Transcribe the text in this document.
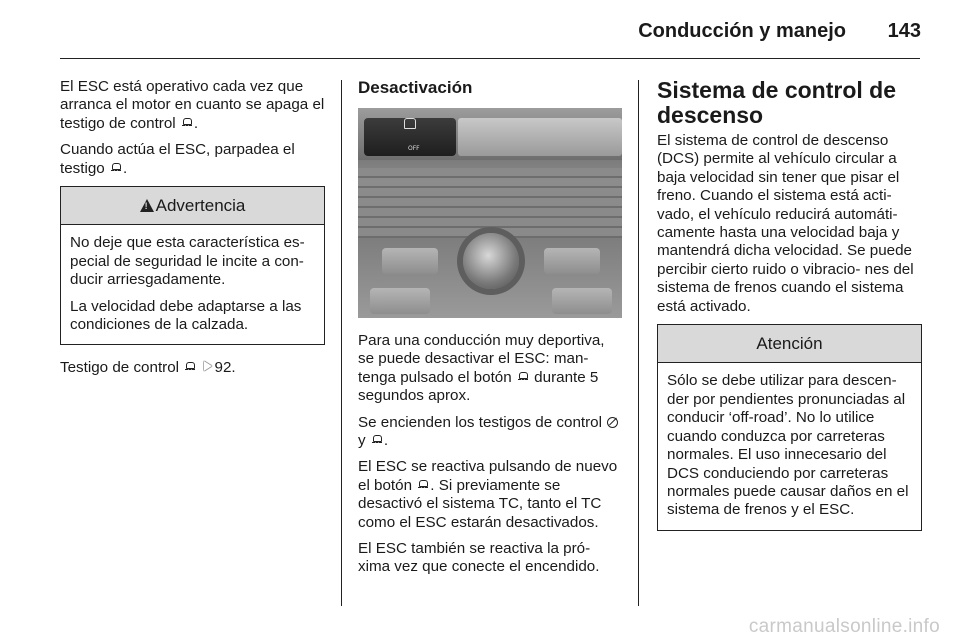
Conducción y manejo 143

El ESC está operativo cada vez que arranca el motor en cuanto se apaga el testigo de control .

Cuando actúa el ESC, parpadea el testigo .

!Advertencia

No deje que esta característica es- pecial de seguridad le incite a con- ducir arriesgadamente.

La velocidad debe adaptarse a las condiciones de la calzada.

Testigo de control 92.

Desactivación
OFF

Para una conducción muy deportiva, se puede desactivar el ESC: man- tenga pulsado el botón durante 5 segundos aprox.

Se encienden los testigos de control  y .

El ESC se reactiva pulsando de nuevo el botón . Si previamente se desactivó el sistema TC, tanto el TC como el ESC estarán desactivados.

El ESC también se reactiva la pró- xima vez que conecte el encendido.

Sistema de control de descenso

El sistema de control de descenso (DCS) permite al vehículo circular a baja velocidad sin tener que pisar el freno. Cuando el sistema está acti- vado, el vehículo reducirá automáti- camente hasta una velocidad baja y mantendrá dicha velocidad. Se puede percibir cierto ruido o vibracio- nes del sistema de frenos cuando el sistema está activado.

Atención

Sólo se debe utilizar para descen- der por pendientes pronunciadas al conducir ‘off-road’. No lo utilice cuando conduzca por carreteras normales. El uso innecesario del DCS conduciendo por carreteras normales puede causar daños en el sistema de frenos y el ESC.

carmanualsonline.info
